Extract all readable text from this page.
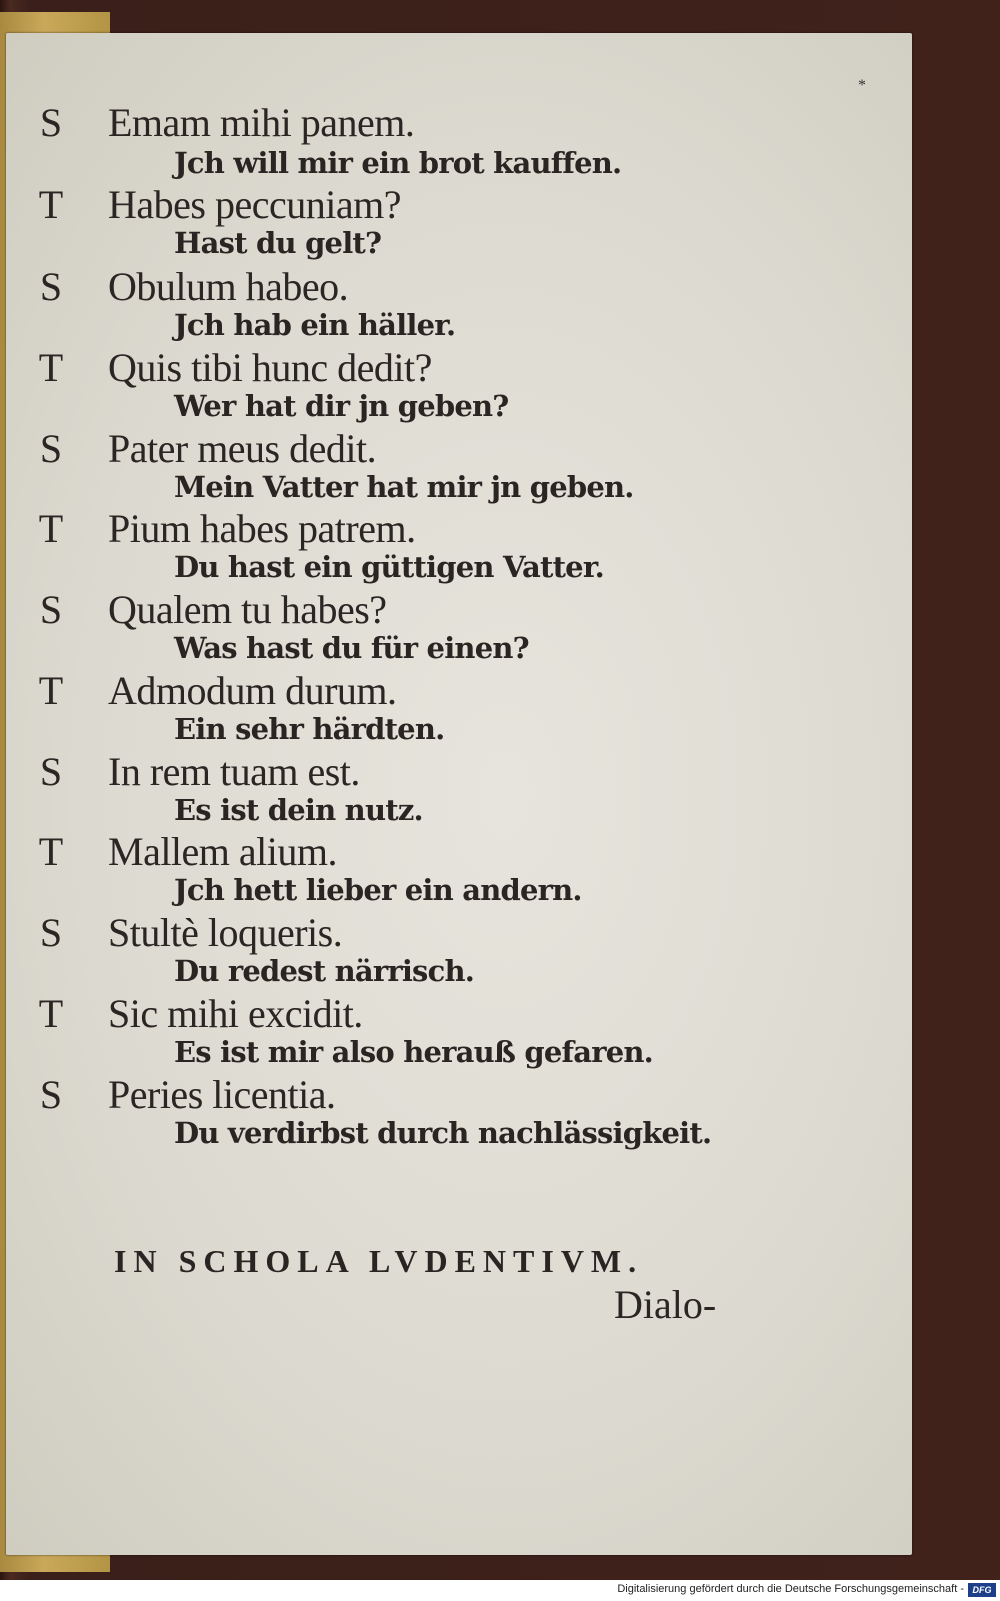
*
S Emam mihi panem.
Jch will mir ein brot kauffen.
T Habes peccuniam?
Hast du gelt?
S Obulum habeo.
Jch hab ein häller.
T Quis tibi hunc dedit?
Wer hat dir jn geben?
S Pater meus dedit.
Mein Vatter hat mir jn geben.
T Pium habes patrem.
Du hast ein güttigen Vatter.
S Qualem tu habes?
Was hast du für einen?
T Admodum durum.
Ein sehr härdten.
S In rem tuam est.
Es ist dein nutz.
T Mallem alium.
Jch hett lieber ein andern.
S Stultè loqueris.
Du redest närrisch.
T Sic mihi excidit.
Es ist mir also herauß gefaren.
S Peries licentia.
Du verdirbst durch nachlässigkeit.
IN SCHOLA LVDENTIVM.
Dialo-
Digitalisierung gefördert durch die Deutsche Forschungsgemeinschaft - DFG
